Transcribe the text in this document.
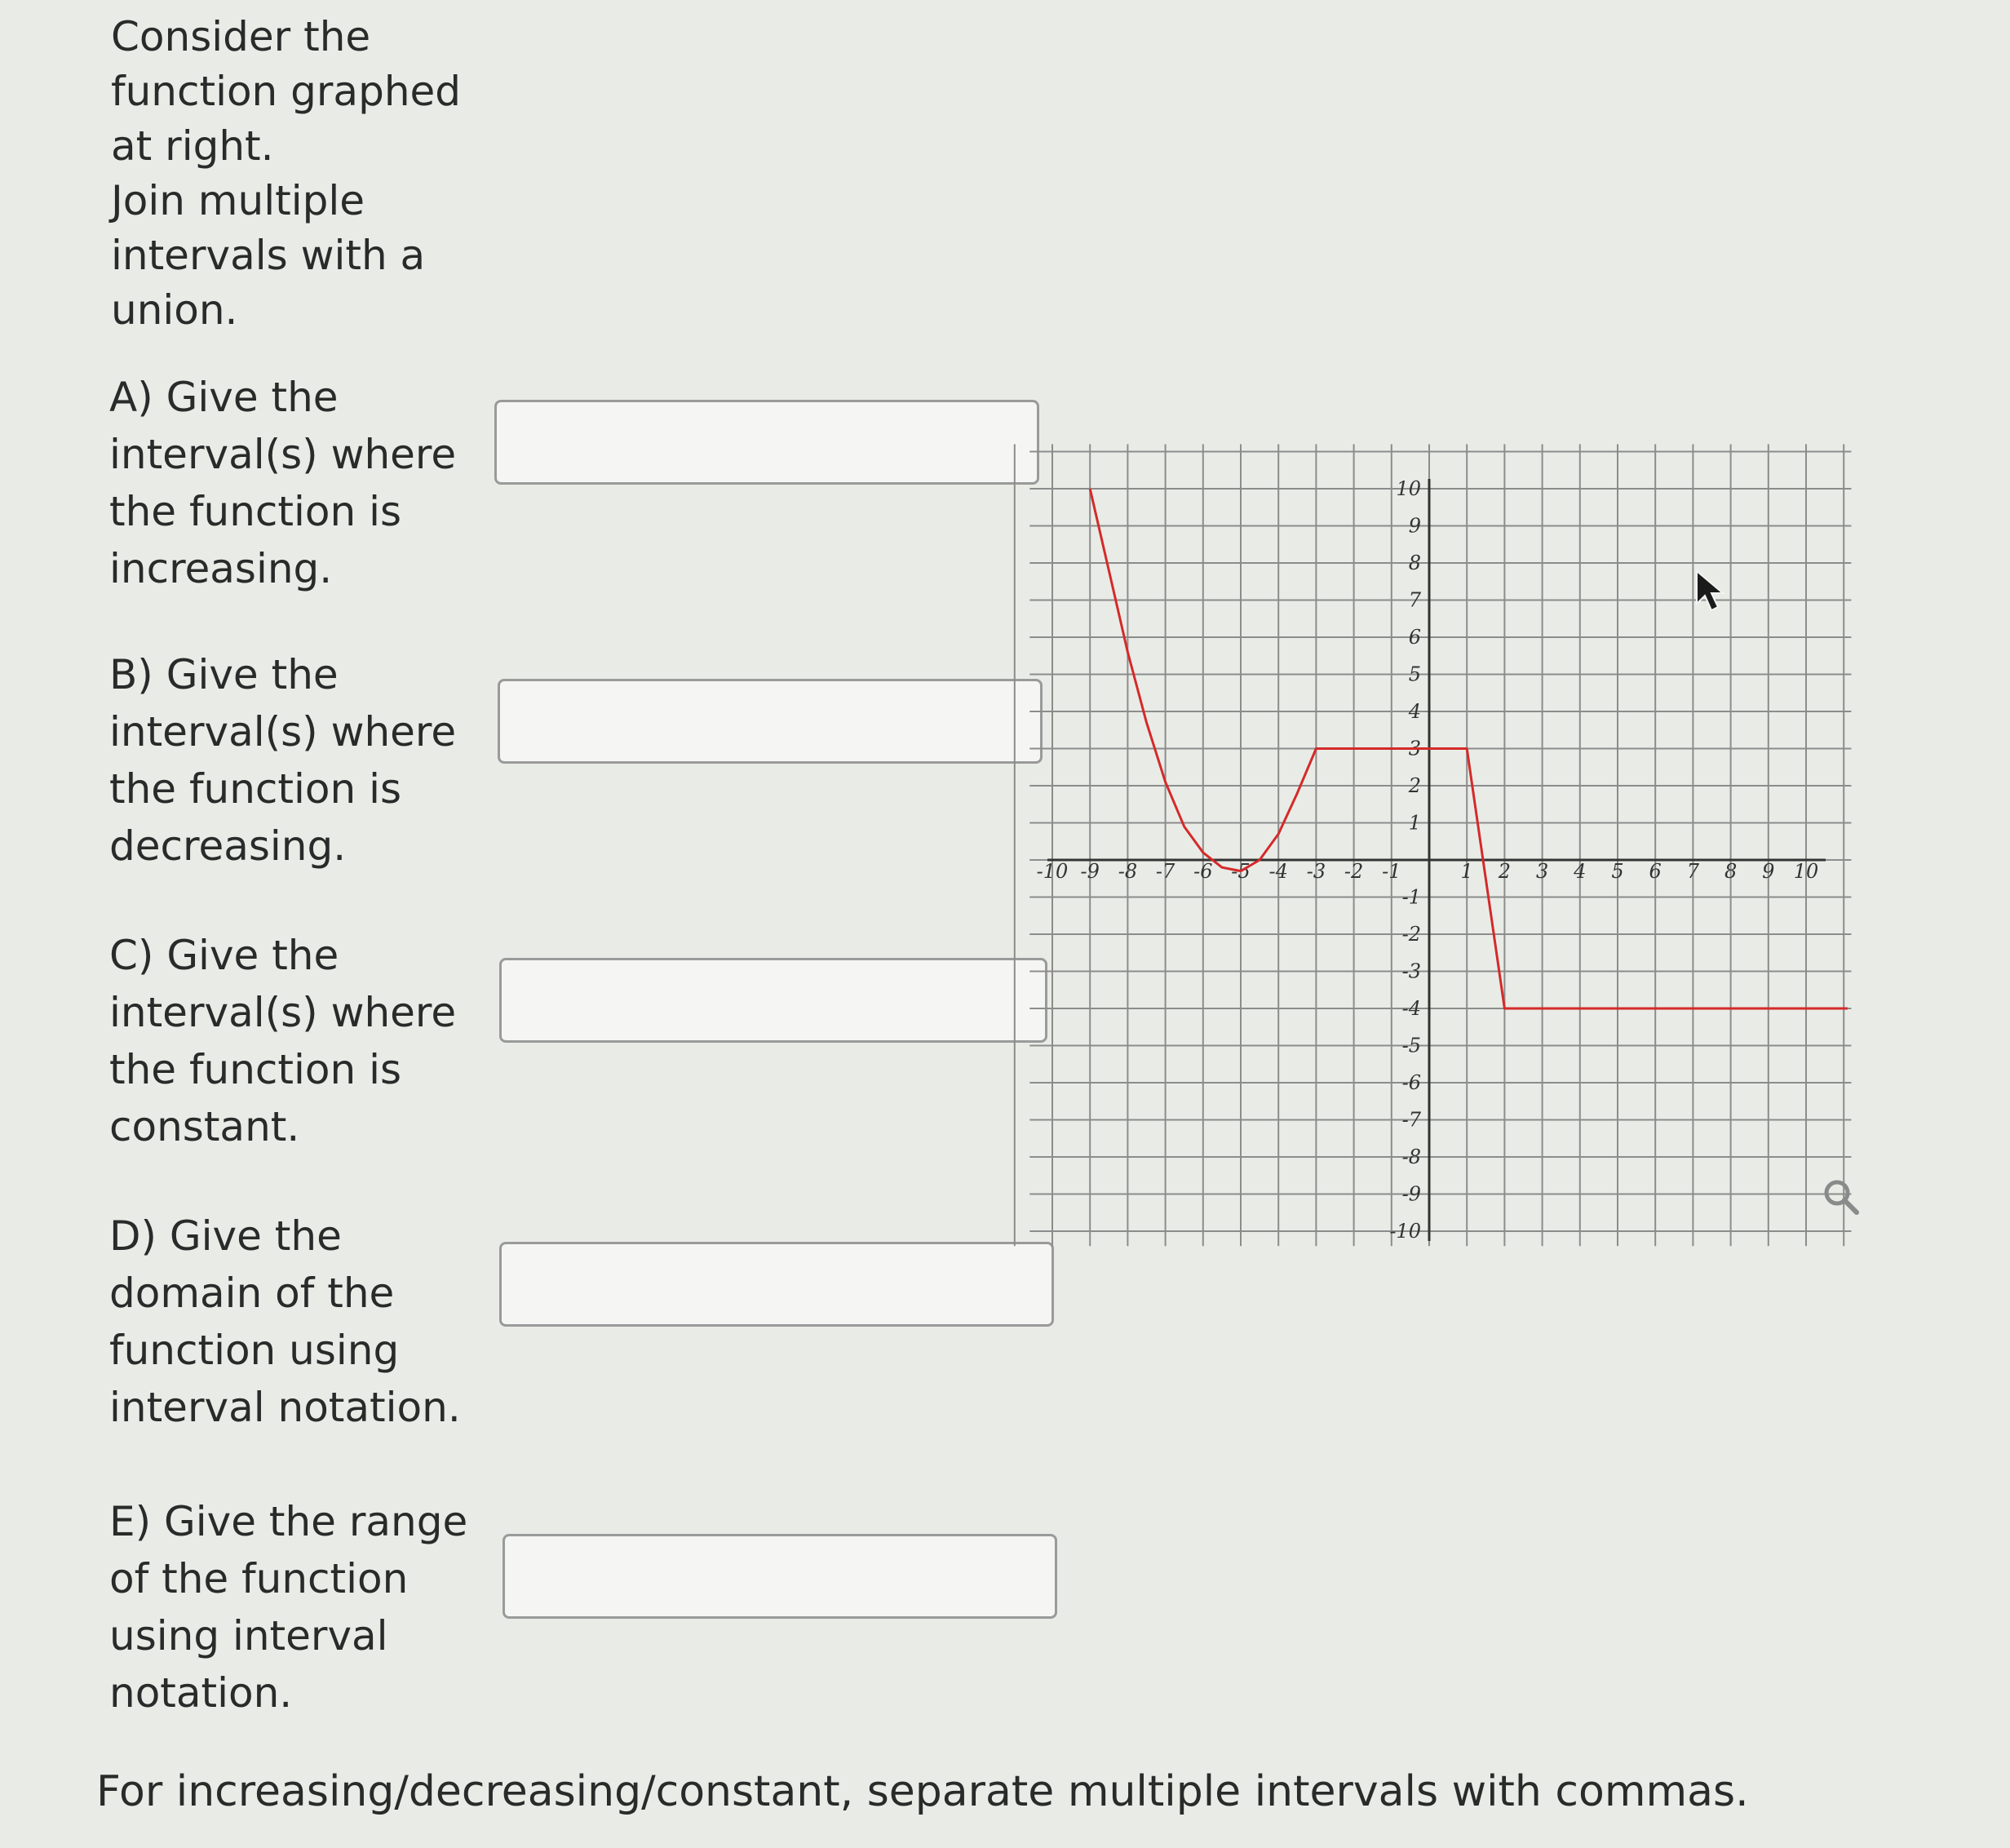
Consider the

function graphed

at right.

Join multiple

intervals with a

union.

A) Give the

interval(s) where

the function is

increasing.

B) Give the

interval(s) where

the function is

decreasing.

C) Give the

interval(s) where

the function is

constant.

D) Give the

domain of the

function using

interval notation.

E) Give the range

of the function

using interval

notation.

-10 -9 -8 -7 -6 -5 -4 -3 -2 -1	1 2 3 4 5 6 7 8 9 10
10
9
8
7
6
5
4
3
2
1
-1
-2
-3
-4
-5
-6
-7
-8
-9
-10
For increasing/decreasing/constant, separate multiple intervals with commas.
